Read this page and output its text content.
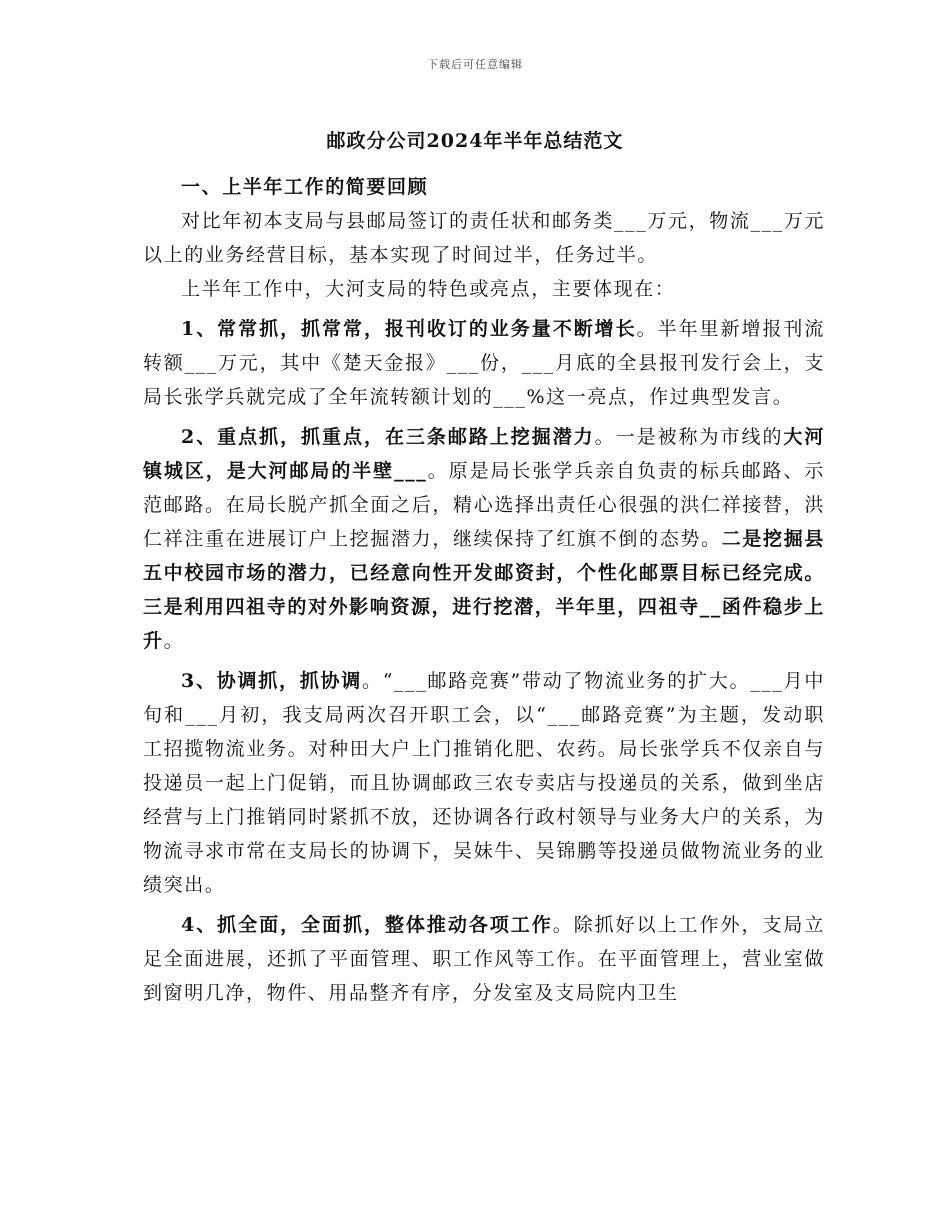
下载后可任意编辑
邮政分公司2024年半年总结范文
一、上半年工作的简要回顾

对比年初本支局与县邮局签订的责任状和邮务类___万元，物流___万元以上的业务经营目标，基本实现了时间过半，任务过半。

上半年工作中，大河支局的特色或亮点，主要体现在：

1、常常抓，抓常常，报刊收订的业务量不断增长。半年里新增报刊流转额___万元，其中《楚天金报》___份，___月底的全县报刊发行会上，支局长张学兵就完成了全年流转额计划的___%这一亮点，作过典型发言。

2、重点抓，抓重点，在三条邮路上挖掘潜力。一是被称为市线的大河镇城区，是大河邮局的半壁___。原是局长张学兵亲自负责的标兵邮路、示范邮路。在局长脱产抓全面之后，精心选择出责任心很强的洪仁祥接替，洪仁祥注重在进展订户上挖掘潜力，继续保持了红旗不倒的态势。二是挖掘县五中校园市场的潜力，已经意向性开发邮资封，个性化邮票目标已经完成。三是利用四祖寺的对外影响资源，进行挖潜，半年里，四祖寺__函件稳步上升。

3、协调抓，抓协调。“___邮路竞赛”带动了物流业务的扩大。___月中旬和___月初，我支局两次召开职工会，以“___邮路竞赛”为主题，发动职工招揽物流业务。对种田大户上门推销化肥、农药。局长张学兵不仅亲自与投递员一起上门促销，而且协调邮政三农专卖店与投递员的关系，做到坐店经营与上门推销同时紧抓不放，还协调各行政村领导与业务大户的关系，为物流寻求市常在支局长的协调下，吴妹牛、吴锦鹏等投递员做物流业务的业绩突出。

4、抓全面，全面抓，整体推动各项工作。除抓好以上工作外，支局立足全面进展，还抓了平面管理、职工作风等工作。在平面管理上，营业室做到窗明几净，物件、用品整齐有序，分发室及支局院内卫生
